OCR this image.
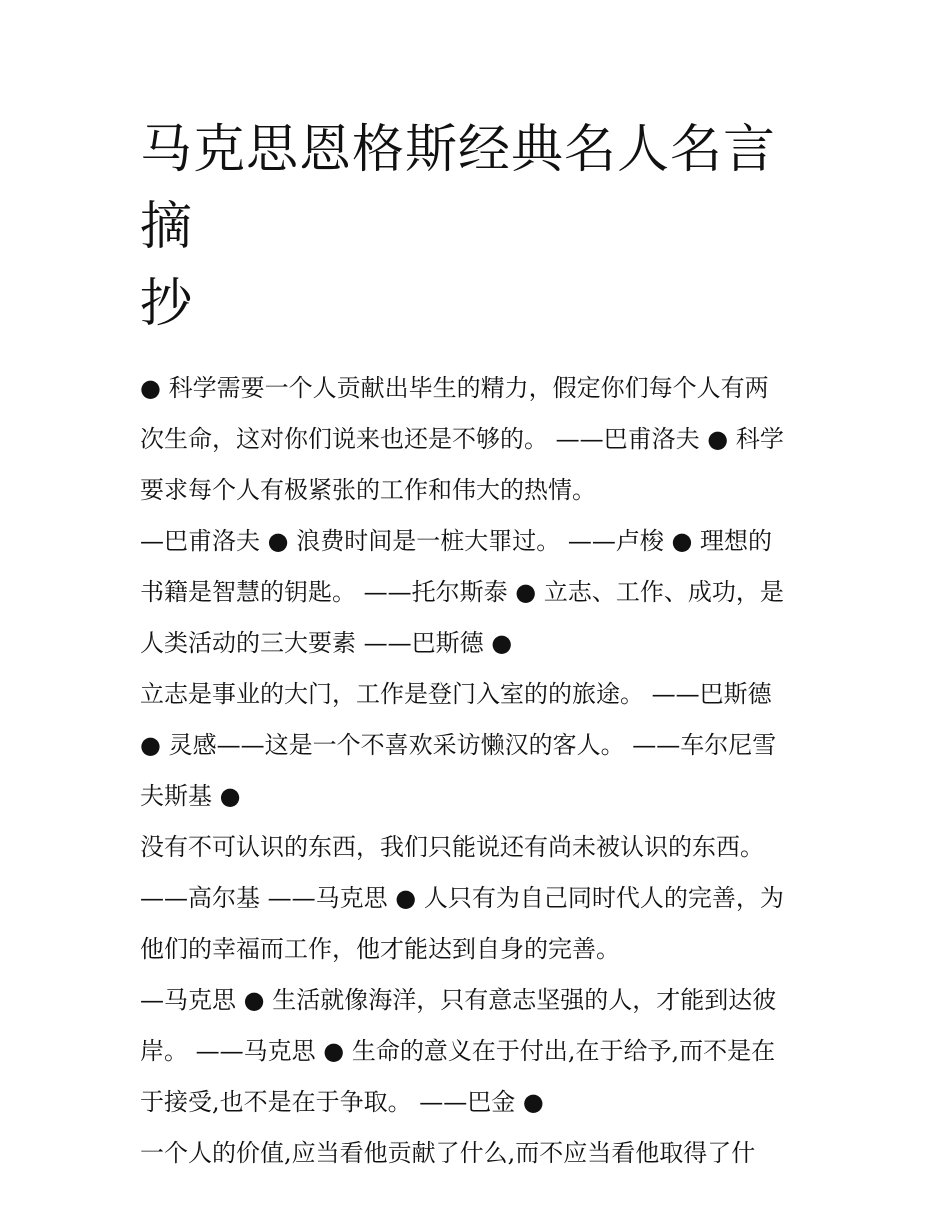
马克思恩格斯经典名人名言摘
抄

● 科学需要一个人贡献出毕生的精力，假定你们每个人有两

次生命，这对你们说来也还是不够的。 ——巴甫洛夫 ● 科学

要求每个人有极紧张的工作和伟大的热情。

—巴甫洛夫 ● 浪费时间是一桩大罪过。 ——卢梭 ● 理想的

书籍是智慧的钥匙。 ——托尔斯泰 ● 立志、工作、成功，是

人类活动的三大要素 ——巴斯德 ●

立志是事业的大门，工作是登门入室的的旅途。 ——巴斯德

● 灵感——这是一个不喜欢采访懒汉的客人。 ——车尔尼雪

夫斯基 ●

没有不可认识的东西，我们只能说还有尚未被认识的东西。

——高尔基 ——马克思 ● 人只有为自己同时代人的完善，为

他们的幸福而工作，他才能达到自身的完善。

—马克思 ● 生活就像海洋，只有意志坚强的人，才能到达彼

岸。 ——马克思 ● 生命的意义在于付出,在于给予,而不是在

于接受,也不是在于争取。 ——巴金 ●

一个人的价值,应当看他贡献了什么,而不应当看他取得了什
